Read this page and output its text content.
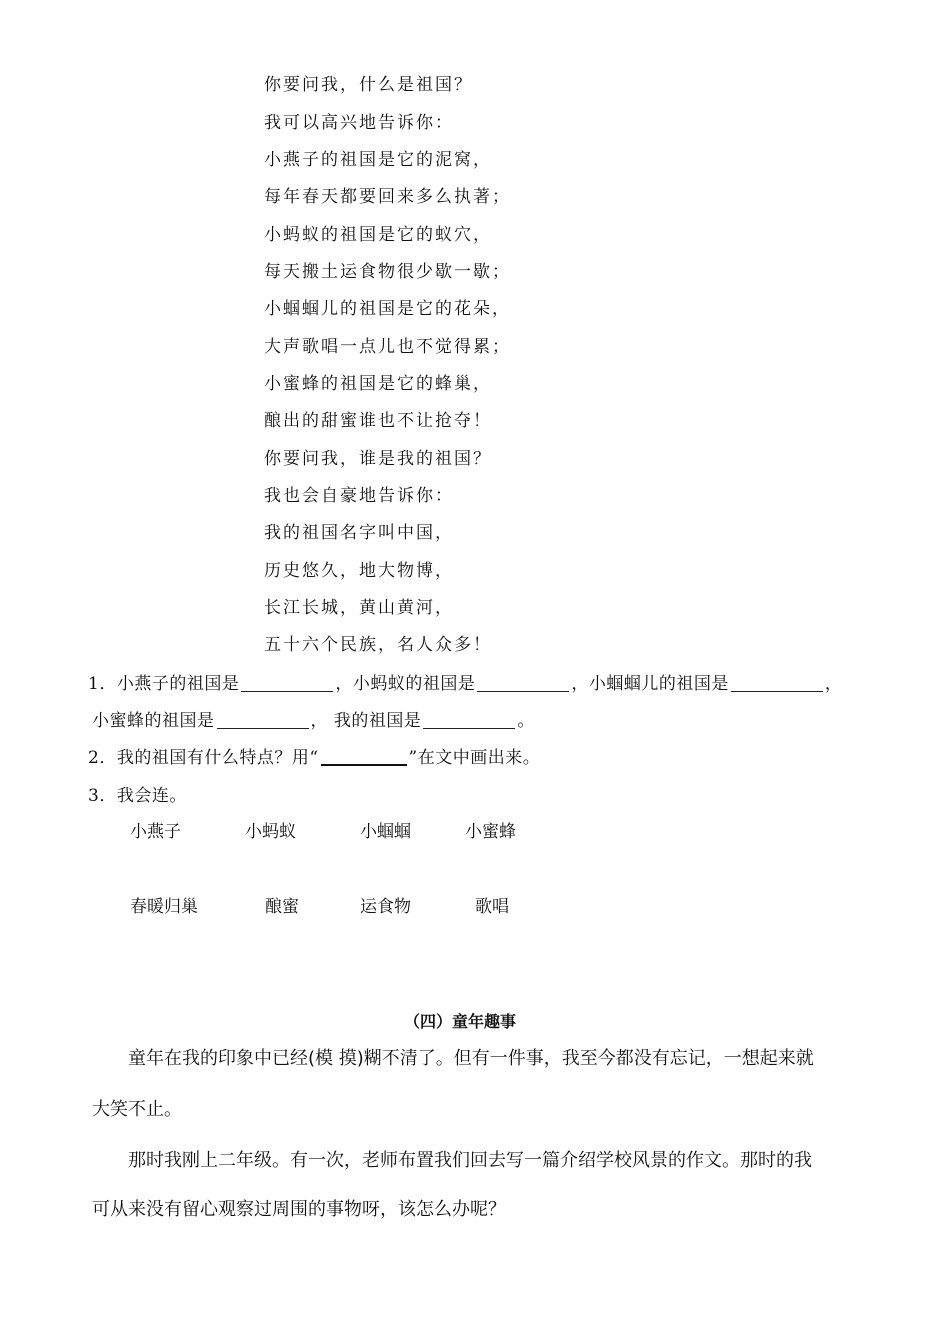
你要问我，什么是祖国？
我可以高兴地告诉你：
小燕子的祖国是它的泥窝，
每年春天都要回来多么执著；
小蚂蚁的祖国是它的蚁穴，
每天搬土运食物很少歇一歇；
小蝈蝈儿的祖国是它的花朵，
大声歌唱一点儿也不觉得累；
小蜜蜂的祖国是它的蜂巢，
酿出的甜蜜谁也不让抢夺！
你要问我，谁是我的祖国？
我也会自豪地告诉你：
我的祖国名字叫中国，
历史悠久，地大物博，
长江长城，黄山黄河，
五十六个民族，名人众多！
1．小燕子的祖国是	，小蚂蚁的祖国是	，小蝈蝈儿的祖国是	，
小蜜蜂的祖国是	， 我的祖国是	。
2．我的祖国有什么特点？用“	”在文中画出来。
3．我会连。
小燕子	小蚂蚁	小蝈蝈	小蜜蜂
春暖归巢	酿蜜	运食物	歌唱
（四）童年趣事
童年在我的印象中已经(模 摸)糊不清了。但有一件事，我至今都没有忘记，一想起来就
大笑不止。
那时我刚上二年级。有一次，老师布置我们回去写一篇介绍学校风景的作文。那时的我
可从来没有留心观察过周围的事物呀，该怎么办呢？
